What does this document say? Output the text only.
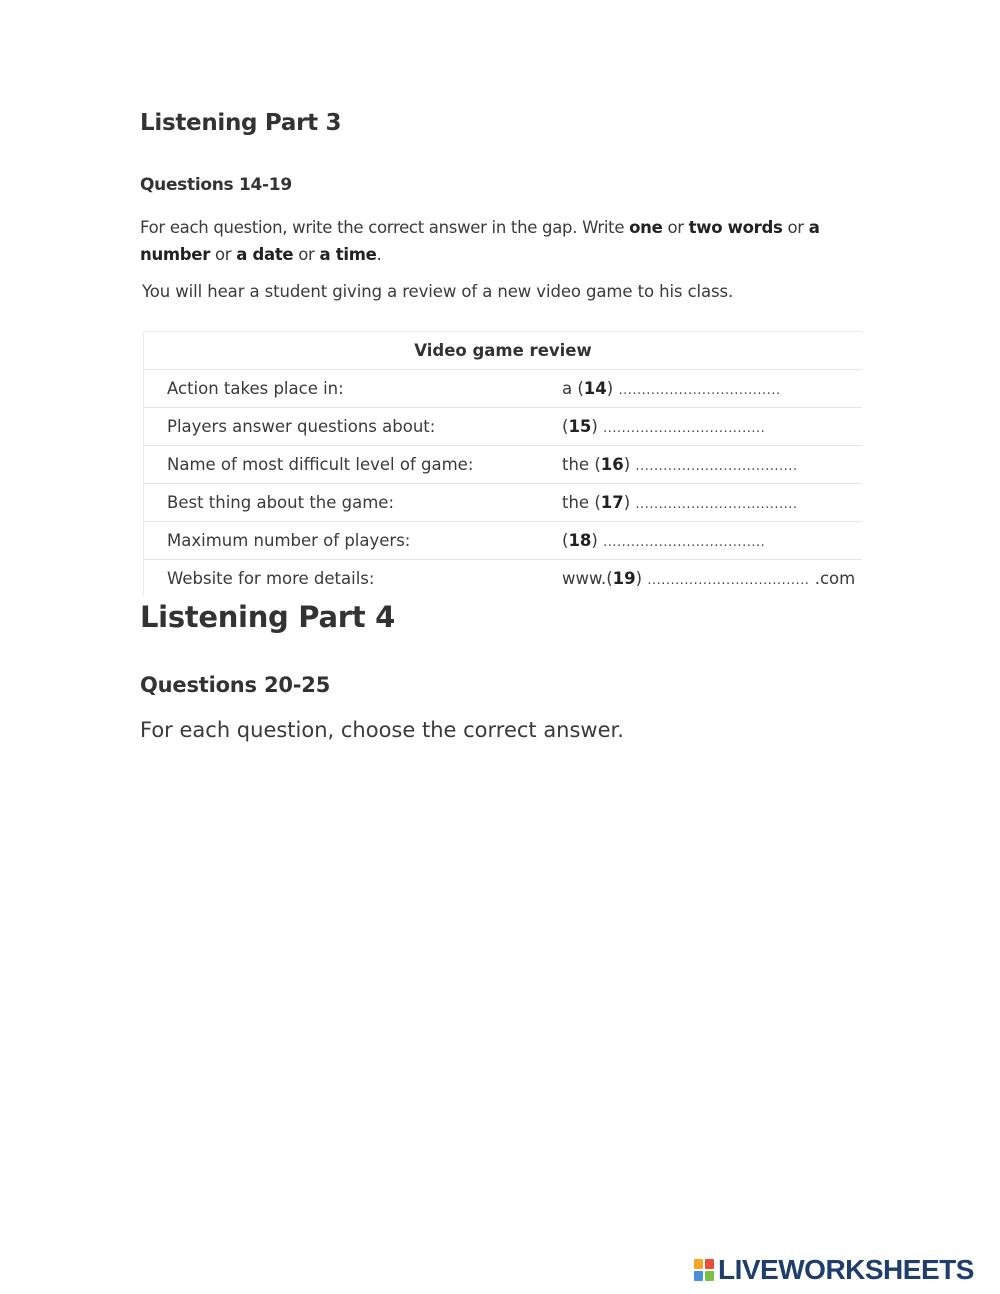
Listening Part 3
Questions 14-19
For each question, write the correct answer in the gap. Write one or two words or a number or a date or a time.
You will hear a student giving a review of a new video game to his class.
Video game review
Action takes place in:	a (14) ...................................
Players answer questions about:	(15) ...................................
Name of most difficult level of game:	the (16) ...................................
Best thing about the game:	the (17) ...................................
Maximum number of players:	(18) ...................................
Website for more details:	www.(19) ................................... .com
Listening Part 4
Questions 20-25
For each question, choose the correct answer.
LIVEWORKSHEETS
